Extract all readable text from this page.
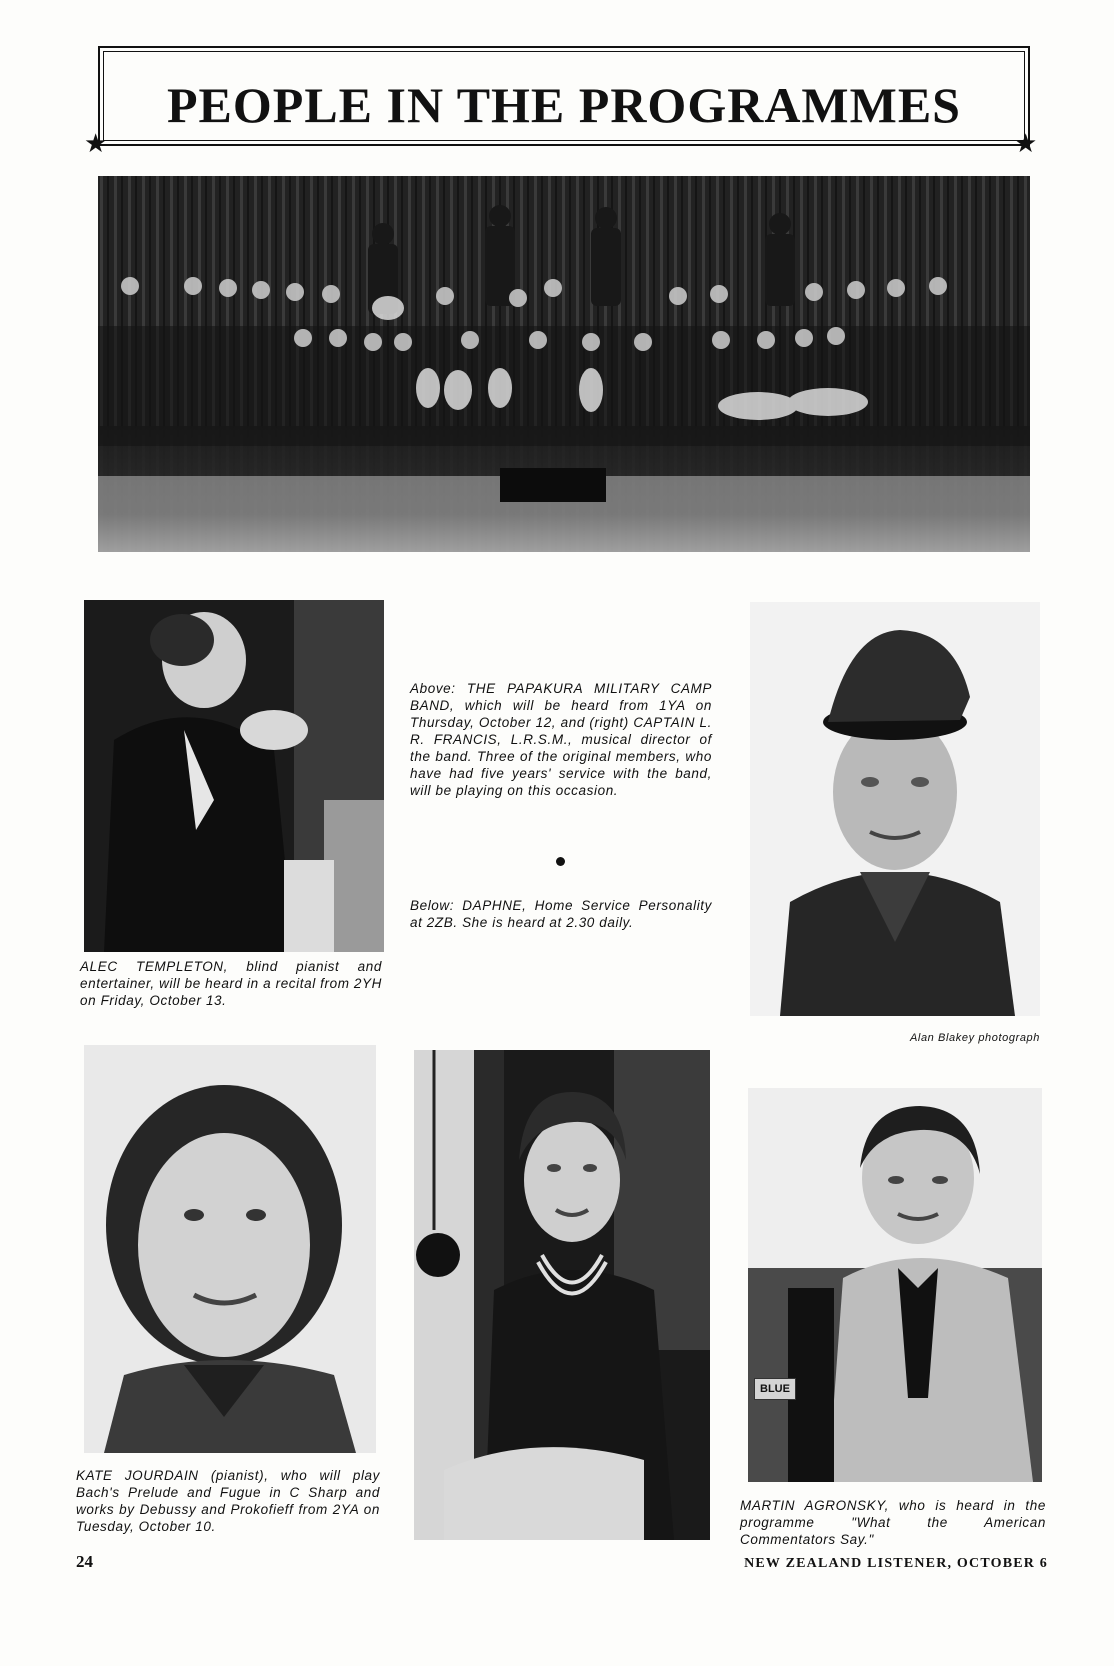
PEOPLE IN THE PROGRAMMES
★	★
ALEC TEMPLETON, blind pianist and entertainer, will be heard in a recital from 2YH on Friday, October 13.
Above: THE PAPAKURA MILITARY CAMP BAND, which will be heard from 1YA on Thursday, October 12, and (right) CAPTAIN L. R. FRANCIS, L.R.S.M., musical director of the band. Three of the original members, who have had five years' service with the band, will be playing on this occasion.
Below: DAPHNE, Home Service Personality at 2ZB. She is heard at 2.30 daily.
Alan Blakey photograph
KATE JOURDAIN (pianist), who will play Bach's Prelude and Fugue in C Sharp and works by Debussy and Prokofieff from 2YA on Tuesday, October 10.
BLUE
MARTIN AGRONSKY, who is heard in the programme "What the American Commentators Say."
24	NEW ZEALAND LISTENER, OCTOBER 6
